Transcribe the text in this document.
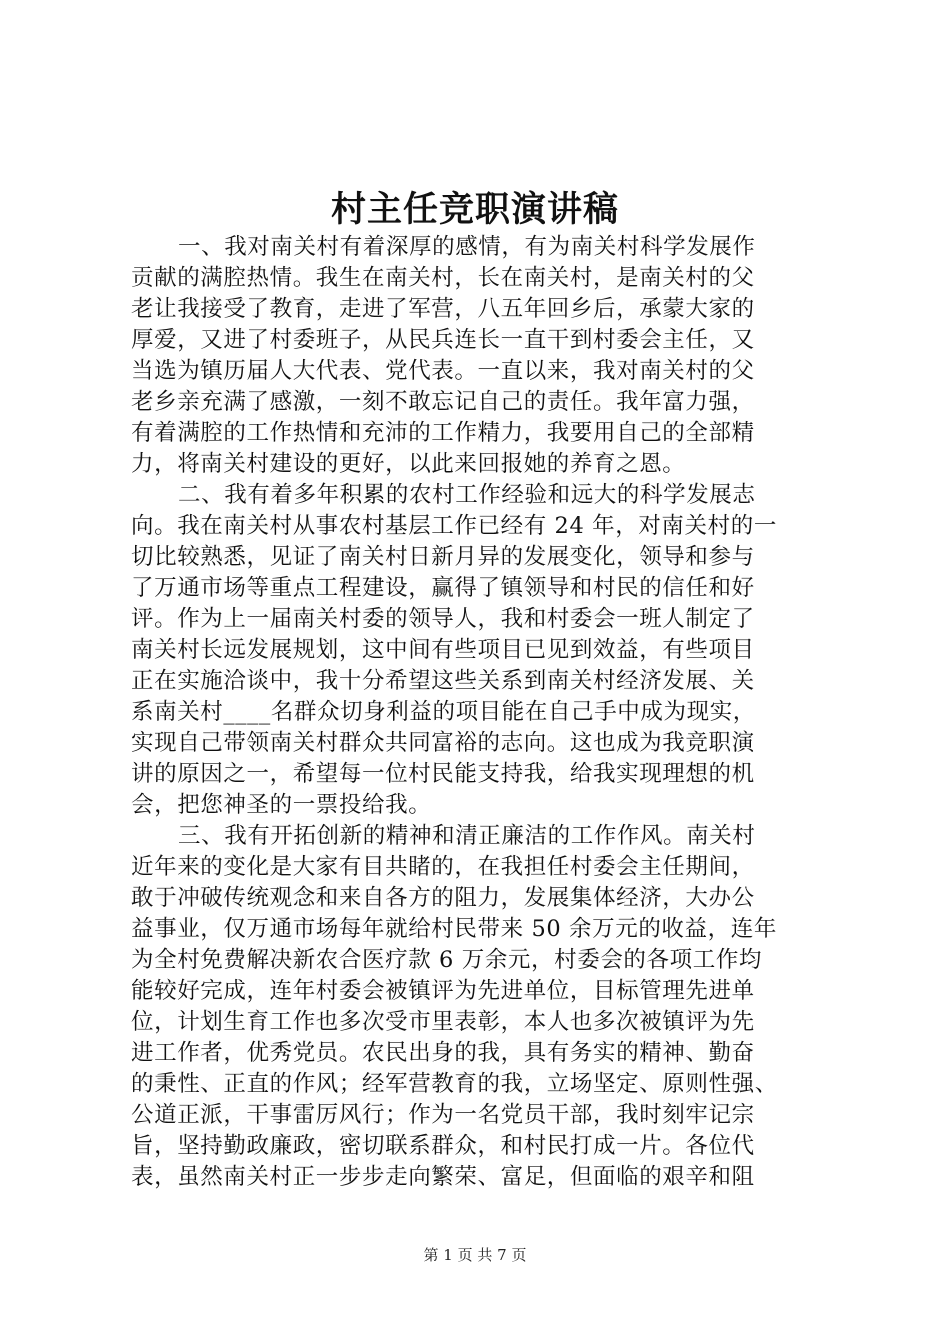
村主任竞职演讲稿
一、我对南关村有着深厚的感情，有为南关村科学发展作
贡献的满腔热情。我生在南关村，长在南关村，是南关村的父
老让我接受了教育，走进了军营，八五年回乡后，承蒙大家的
厚爱，又进了村委班子，从民兵连长一直干到村委会主任，又
当选为镇历届人大代表、党代表。一直以来，我对南关村的父
老乡亲充满了感激，一刻不敢忘记自己的责任。我年富力强，
有着满腔的工作热情和充沛的工作精力，我要用自己的全部精
力，将南关村建设的更好，以此来回报她的养育之恩。
二、我有着多年积累的农村工作经验和远大的科学发展志
向。我在南关村从事农村基层工作已经有 24 年，对南关村的一
切比较熟悉，见证了南关村日新月异的发展变化，领导和参与
了万通市场等重点工程建设，赢得了镇领导和村民的信任和好
评。作为上一届南关村委的领导人，我和村委会一班人制定了
南关村长远发展规划，这中间有些项目已见到效益，有些项目
正在实施洽谈中，我十分希望这些关系到南关村经济发展、关
系南关村____名群众切身利益的项目能在自己手中成为现实，
实现自己带领南关村群众共同富裕的志向。这也成为我竞职演
讲的原因之一，希望每一位村民能支持我，给我实现理想的机
会，把您神圣的一票投给我。
三、我有开拓创新的精神和清正廉洁的工作作风。南关村
近年来的变化是大家有目共睹的，在我担任村委会主任期间，
敢于冲破传统观念和来自各方的阻力，发展集体经济，大办公
益事业，仅万通市场每年就给村民带来 50 余万元的收益，连年
为全村免费解决新农合医疗款 6 万余元，村委会的各项工作均
能较好完成，连年村委会被镇评为先进单位，目标管理先进单
位，计划生育工作也多次受市里表彰，本人也多次被镇评为先
进工作者，优秀党员。农民出身的我，具有务实的精神、勤奋
的秉性、正直的作风；经军营教育的我，立场坚定、原则性强、
公道正派，干事雷厉风行；作为一名党员干部，我时刻牢记宗
旨，坚持勤政廉政，密切联系群众，和村民打成一片。各位代
表，虽然南关村正一步步走向繁荣、富足，但面临的艰辛和阻
第 1 页 共 7 页
